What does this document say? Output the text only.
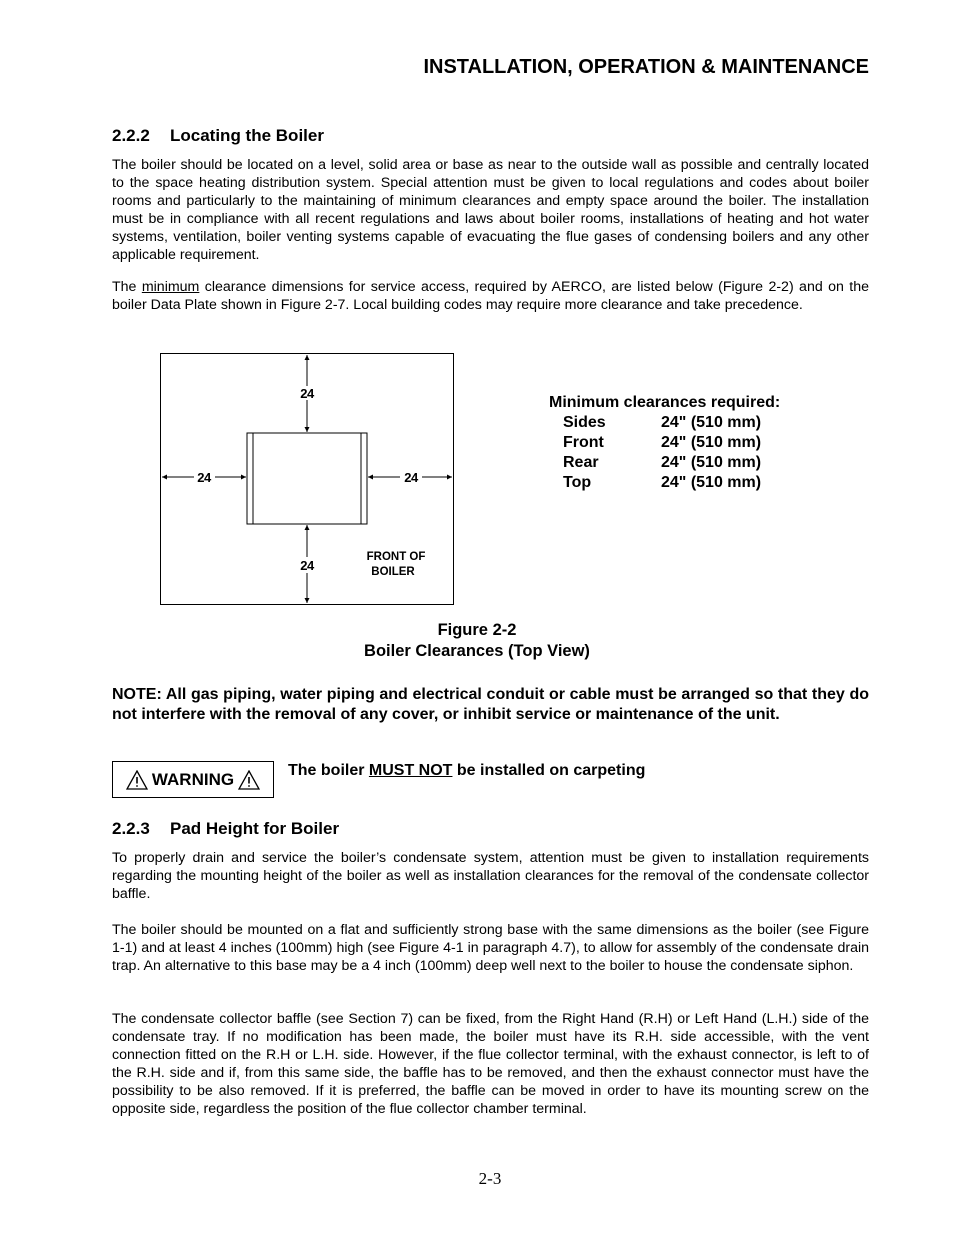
INSTALLATION, OPERATION & MAINTENANCE
2.2.2 Locating the Boiler

The boiler should be located on a level, solid area or base as near to the outside wall as possible and centrally located to the space heating distribution system. Special attention must be given to local regulations and codes about boiler rooms and particularly to the maintaining of minimum clearances and empty space around the boiler. The installation must be in compliance with all recent regulations and laws about boiler rooms, installations of heating and hot water systems, ventilation, boiler venting systems capable of evacuating the flue gases of condensing boilers and any other applicable requirement.

The minimum clearance dimensions for service access, required by AERCO, are listed below (Figure 2-2) and on the boiler Data Plate shown in Figure 2-7. Local building codes may require more clearance and take precedence.

24
24	24
24
FRONT OF
BOILER
Minimum clearances required:
Sides	24" (510 mm)
Front	24" (510 mm)
Rear	24" (510 mm)
Top	24" (510 mm)
Figure 2-2
Boiler Clearances (Top View)
NOTE: All gas piping, water piping and electrical conduit or cable must be arranged so that they do not interfere with the removal of any cover, or inhibit service or maintenance of the unit.
WARNING	The boiler MUST NOT be installed on carpeting
2.2.3 Pad Height for Boiler

To properly drain and service the boiler’s condensate system, attention must be given to installation requirements regarding the mounting height of the boiler as well as installation clearances for the removal of the condensate collector baffle.

The boiler should be mounted on a flat and sufficiently strong base with the same dimensions as the boiler (see Figure 1-1) and at least 4 inches (100mm) high (see Figure 4-1 in paragraph 4.7), to allow for assembly of the condensate drain trap. An alternative to this base may be a 4 inch (100mm) deep well next to the boiler to house the condensate siphon.

The condensate collector baffle (see Section 7) can be fixed, from the Right Hand (R.H) or Left Hand (L.H.) side of the condensate tray. If no modification has been made, the boiler must have its R.H. side accessible, with the vent connection fitted on the R.H or L.H. side. However, if the flue collector terminal, with the exhaust connector, is left to of the R.H. side and if, from this same side, the baffle has to be removed, and then the exhaust connector must have the possibility to be also removed. If it is preferred, the baffle can be moved in order to have its mounting screw on the opposite side, regardless the position of the flue collector chamber terminal.

2-3
